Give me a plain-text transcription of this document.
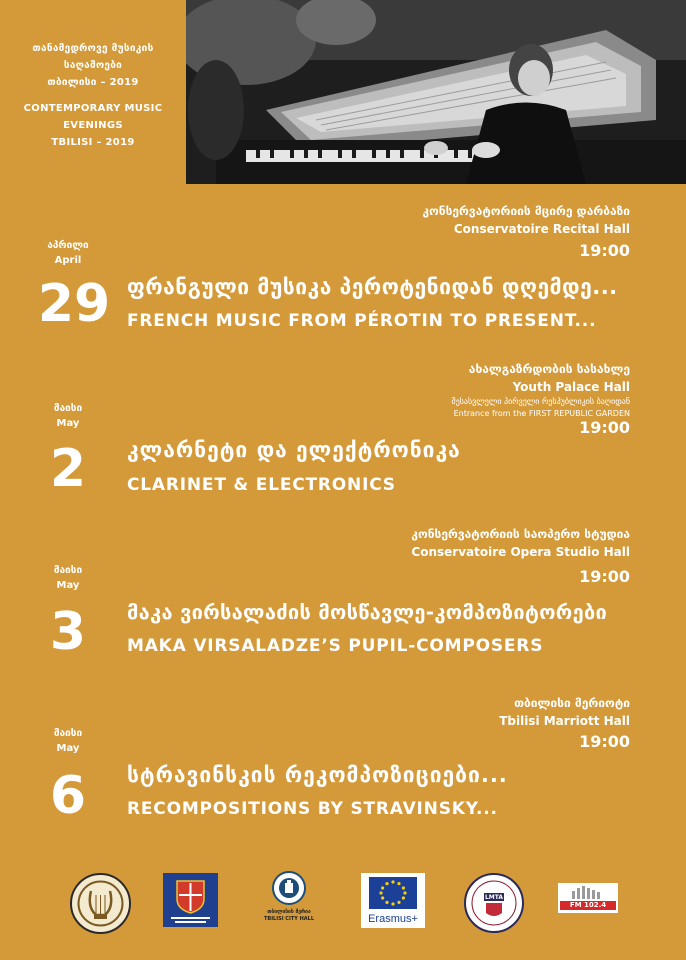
თანამედროვე მუსიკის
საღამოები
თბილისი – 2019
CONTEMPORARY MUSIC
EVENINGS
TBILISI – 2019
კონსერვატორიის მცირე დარბაზი
Conservatoire Recital Hall
19:00
აპრილი
April
29 ფრანგული მუსიკა პეროტენიდან დღემდე...
FRENCH MUSIC FROM PÉROTIN TO PRESENT...
ახალგაზრდობის სასახლე
Youth Palace Hall
შესასვლელი პირველი რესპუბლიკის ბაღიდან
Entrance from the FIRST REPUBLIC GARDEN
19:00
მაისი
May
2	კლარნეტი და ელექტრონიკა
CLARINET & ELECTRONICS
კონსერვატორიის საოპერო სტუდია
Conservatoire Opera Studio Hall
19:00
მაისი
May
3	მაკა ვირსალაძის მოსწავლე-კომპოზიტორები
MAKA VIRSALADZE’S PUPIL-COMPOSERS
თბილისი მერიოტი
Tbilisi Marriott Hall
19:00
მაისი
May
6	სტრავინსკის რეკომპოზიციები...
RECOMPOSITIONS BY STRAVINSKY...
თბილისის მერია
TBILISI CITY HALL	Erasmus+
LMTA
FM 102.4
